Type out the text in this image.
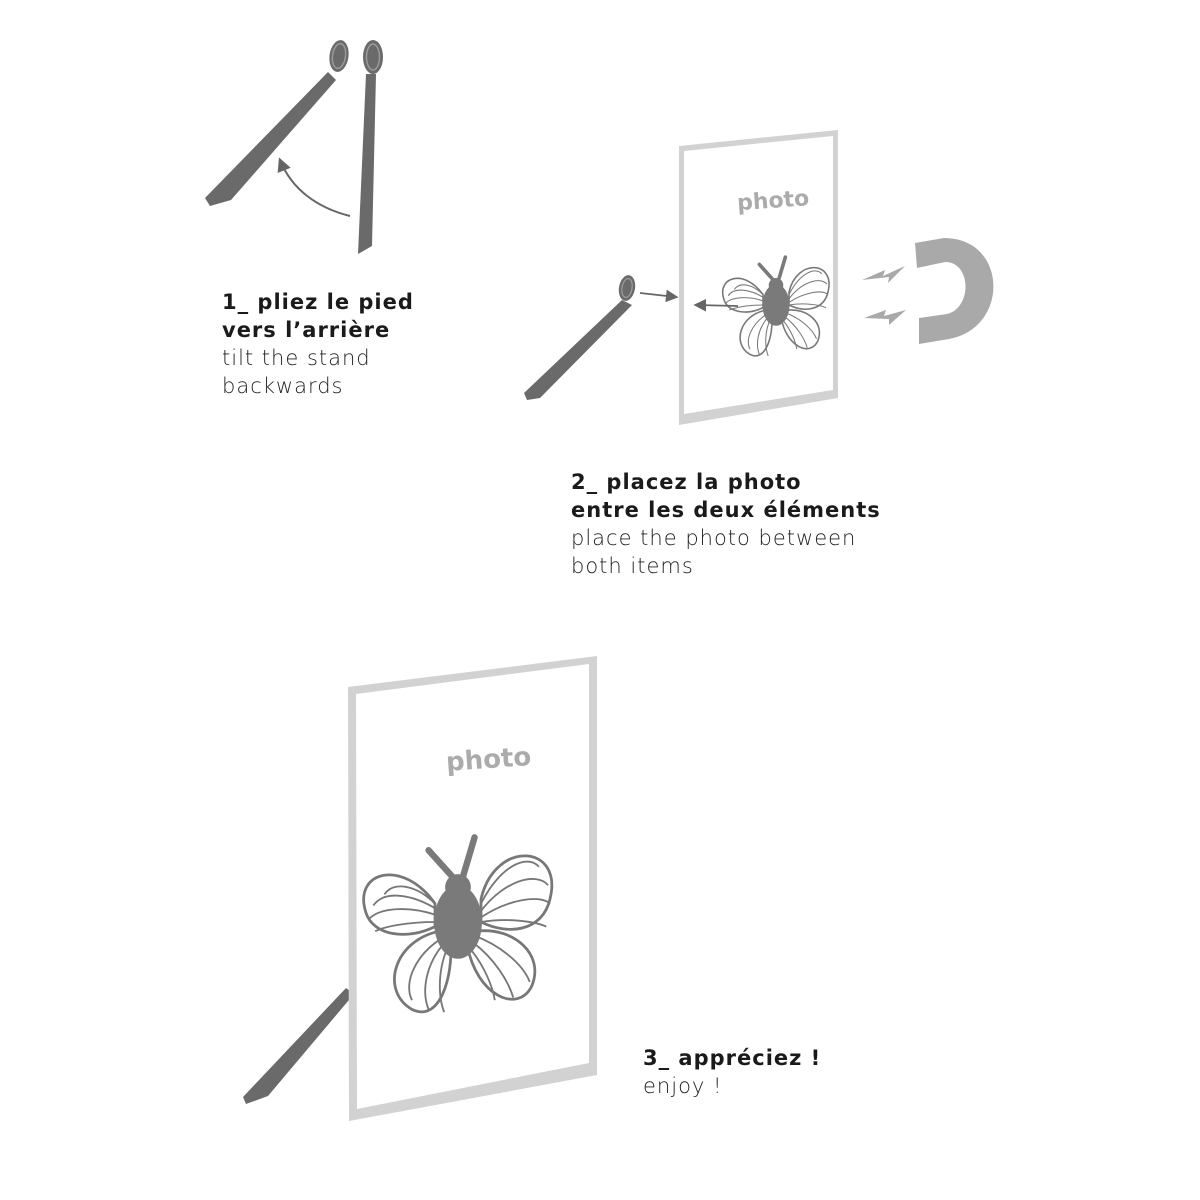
photo
photo
1_ pliez le pied
vers l’arrière
tilt the stand
backwards
2_ placez la photo
entre les deux éléments
place the photo between
both items
3_ appréciez !
enjoy !
